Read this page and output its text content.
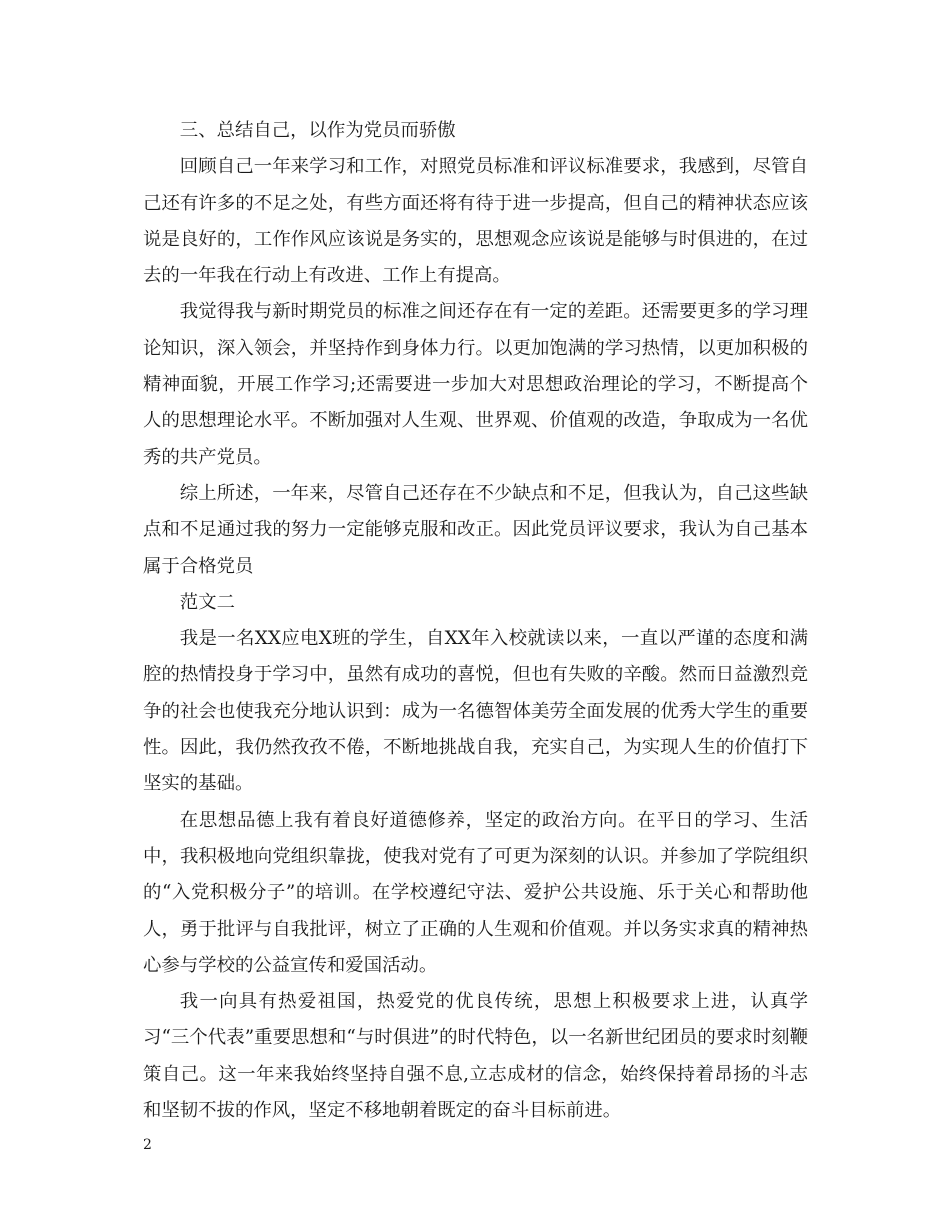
三、总结自己，以作为党员而骄傲

回顾自己一年来学习和工作，对照党员标准和评议标准要求，我感到，尽管自己还有许多的不足之处，有些方面还将有待于进一步提高，但自己的精神状态应该说是良好的，工作作风应该说是务实的，思想观念应该说是能够与时俱进的，在过去的一年我在行动上有改进、工作上有提高。

我觉得我与新时期党员的标准之间还存在有一定的差距。还需要更多的学习理论知识，深入领会，并坚持作到身体力行。以更加饱满的学习热情，以更加积极的精神面貌，开展工作学习;还需要进一步加大对思想政治理论的学习，不断提高个人的思想理论水平。不断加强对人生观、世界观、价值观的改造，争取成为一名优秀的共产党员。

综上所述，一年来，尽管自己还存在不少缺点和不足，但我认为，自己这些缺点和不足通过我的努力一定能够克服和改正。因此党员评议要求，我认为自己基本属于合格党员

范文二

我是一名XX应电X班的学生，自XX年入校就读以来，一直以严谨的态度和满腔的热情投身于学习中，虽然有成功的喜悦，但也有失败的辛酸。然而日益激烈竞争的社会也使我充分地认识到：成为一名德智体美劳全面发展的优秀大学生的重要性。因此，我仍然孜孜不倦，不断地挑战自我，充实自己，为实现人生的价值打下坚实的基础。

在思想品德上我有着良好道德修养，坚定的政治方向。在平日的学习、生活中，我积极地向党组织靠拢，使我对党有了可更为深刻的认识。并参加了学院组织的“入党积极分子”的培训。在学校遵纪守法、爱护公共设施、乐于关心和帮助他人，勇于批评与自我批评，树立了正确的人生观和价值观。并以务实求真的精神热心参与学校的公益宣传和爱国活动。

我一向具有热爱祖国，热爱党的优良传统，思想上积极要求上进，认真学习“三个代表”重要思想和“与时俱进”的时代特色，以一名新世纪团员的要求时刻鞭策自己。这一年来我始终坚持自强不息,立志成材的信念，始终保持着昂扬的斗志和坚韧不拔的作风，坚定不移地朝着既定的奋斗目标前进。

2
